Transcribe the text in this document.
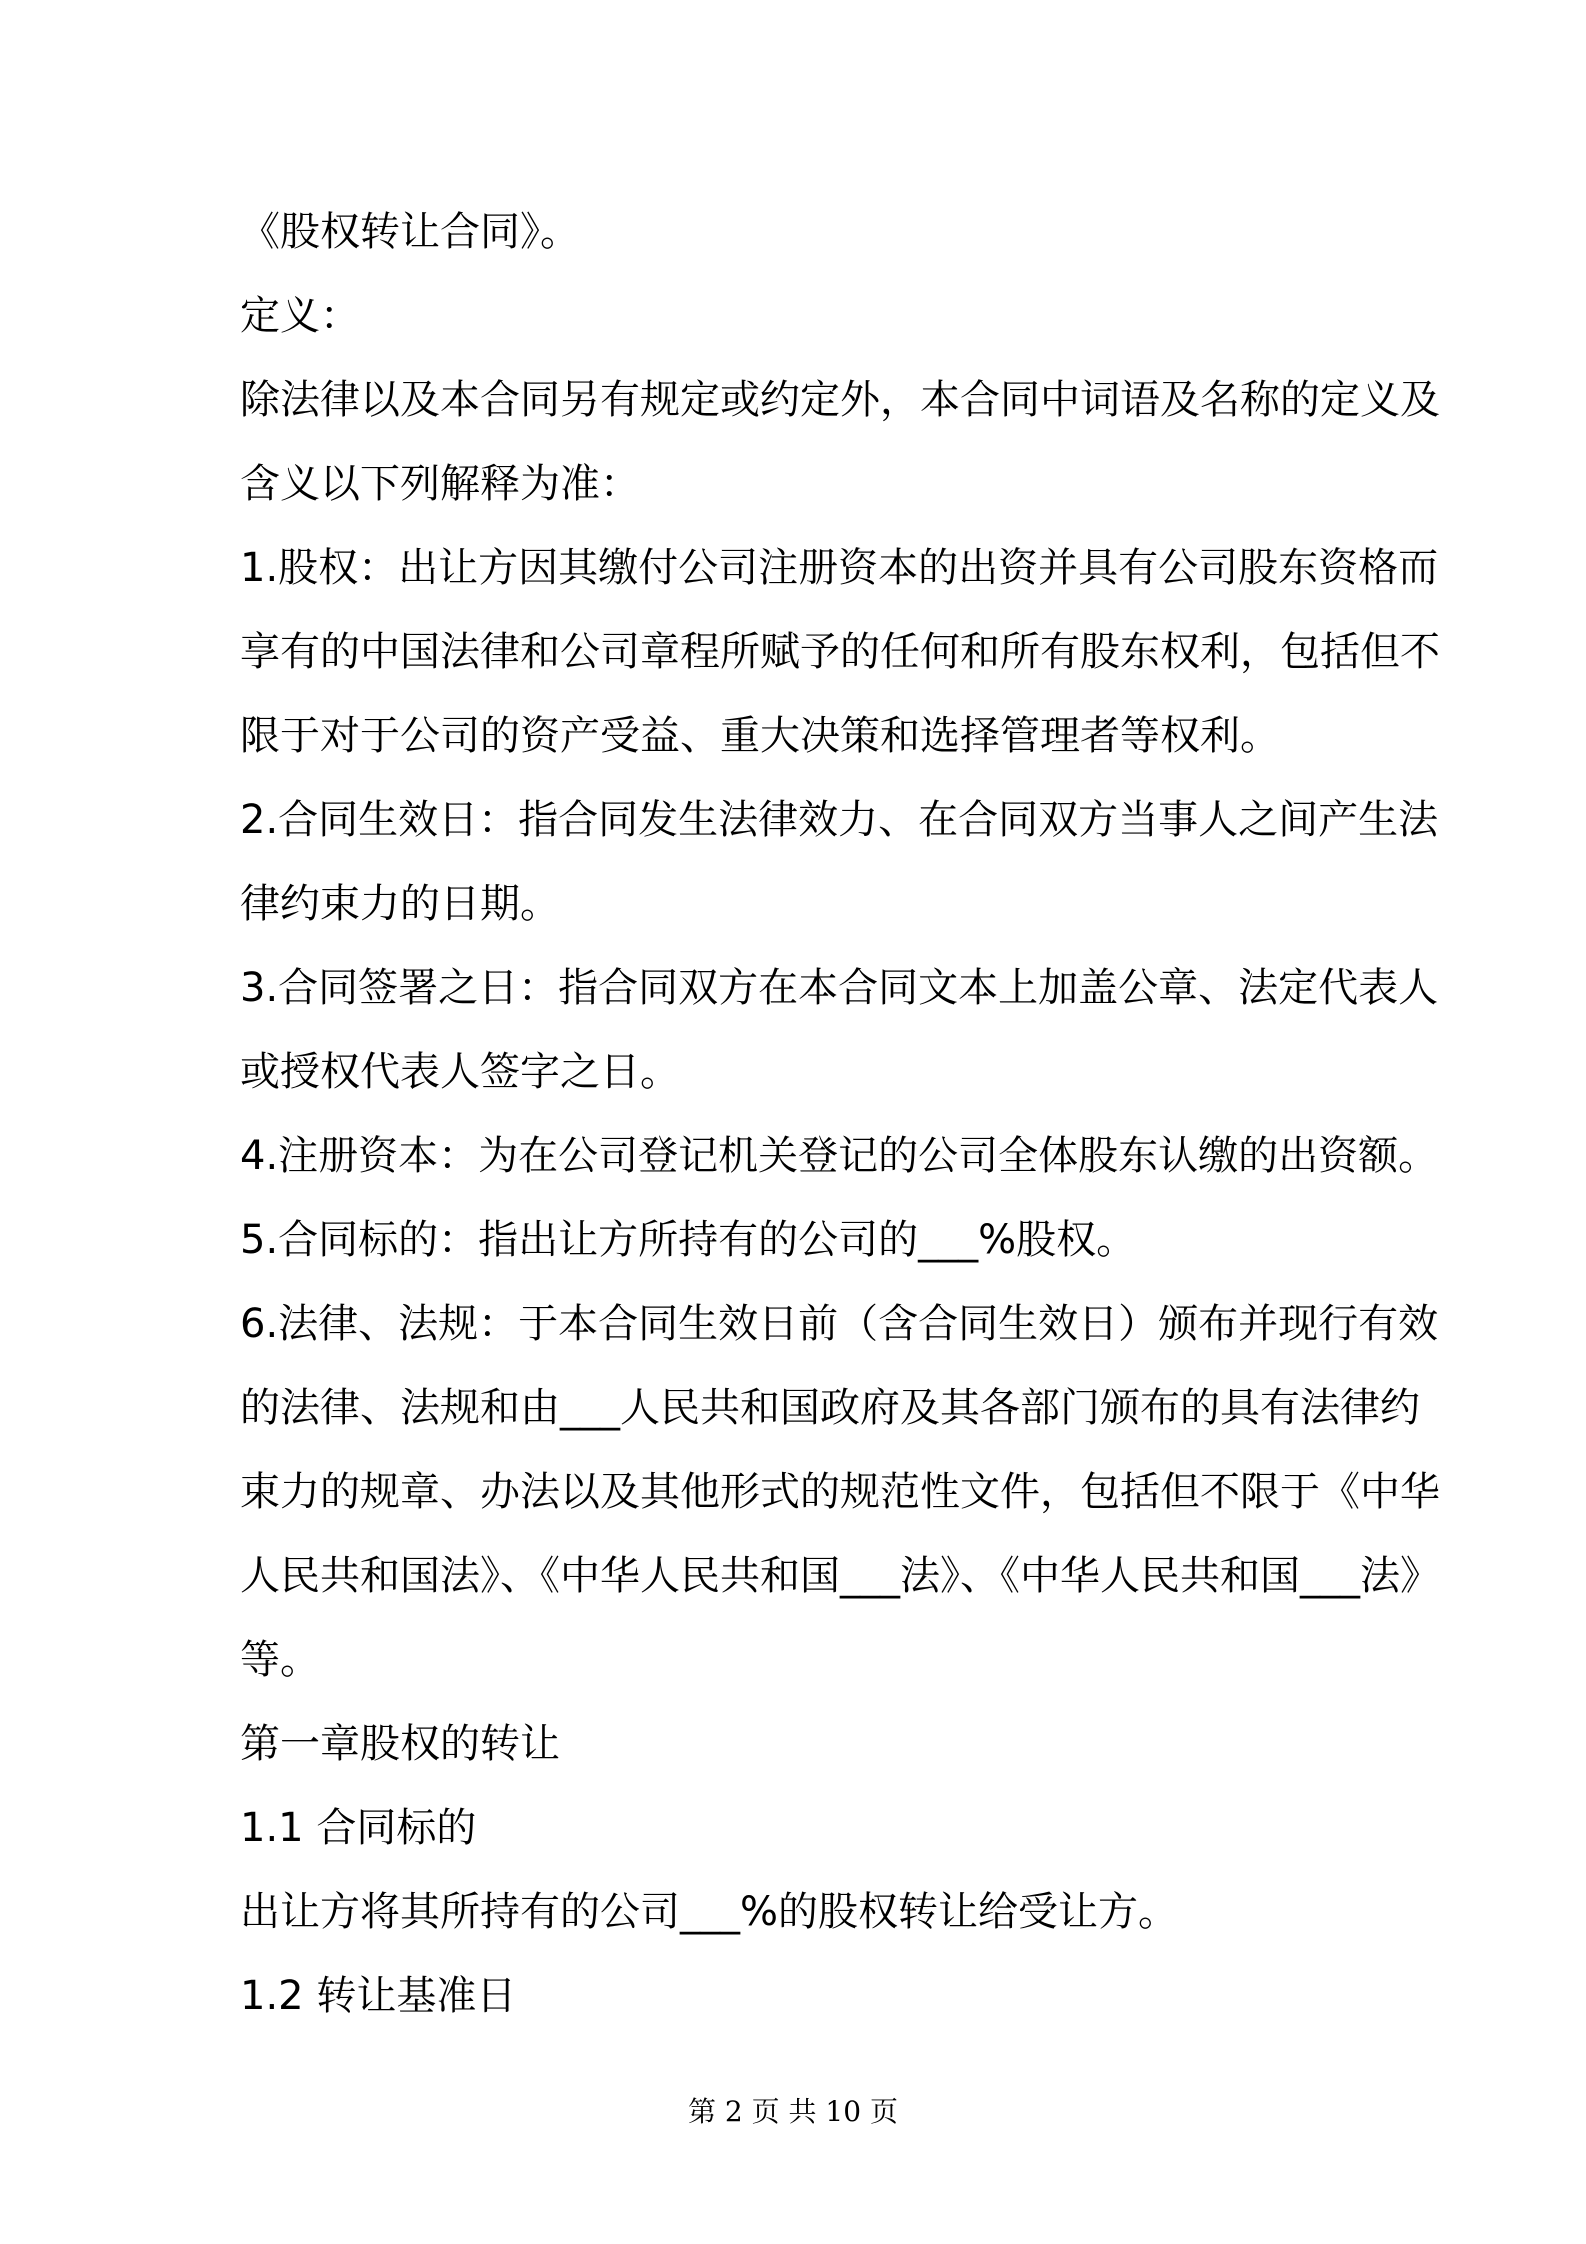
《股权转让合同》。
定义：
除法律以及本合同另有规定或约定外，本合同中词语及名称的定义及
含义以下列解释为准：
1.股权：出让方因其缴付公司注册资本的出资并具有公司股东资格而
享有的中国法律和公司章程所赋予的任何和所有股东权利，包括但不
限于对于公司的资产受益、重大决策和选择管理者等权利。
2.合同生效日：指合同发生法律效力、在合同双方当事人之间产生法
律约束力的日期。
3.合同签署之日：指合同双方在本合同文本上加盖公章、法定代表人
或授权代表人签字之日。
4.注册资本：为在公司登记机关登记的公司全体股东认缴的出资额。
5.合同标的：指出让方所持有的公司的___%股权。
6.法律、法规：于本合同生效日前（含合同生效日）颁布并现行有效
的法律、法规和由___人民共和国政府及其各部门颁布的具有法律约
束力的规章、办法以及其他形式的规范性文件，包括但不限于《中华
人民共和国法》、《中华人民共和国___法》、《中华人民共和国___法》
等。
第一章股权的转让
1.1 合同标的
出让方将其所持有的公司___%的股权转让给受让方。
1.2 转让基准日
第 2 页 共 10 页
